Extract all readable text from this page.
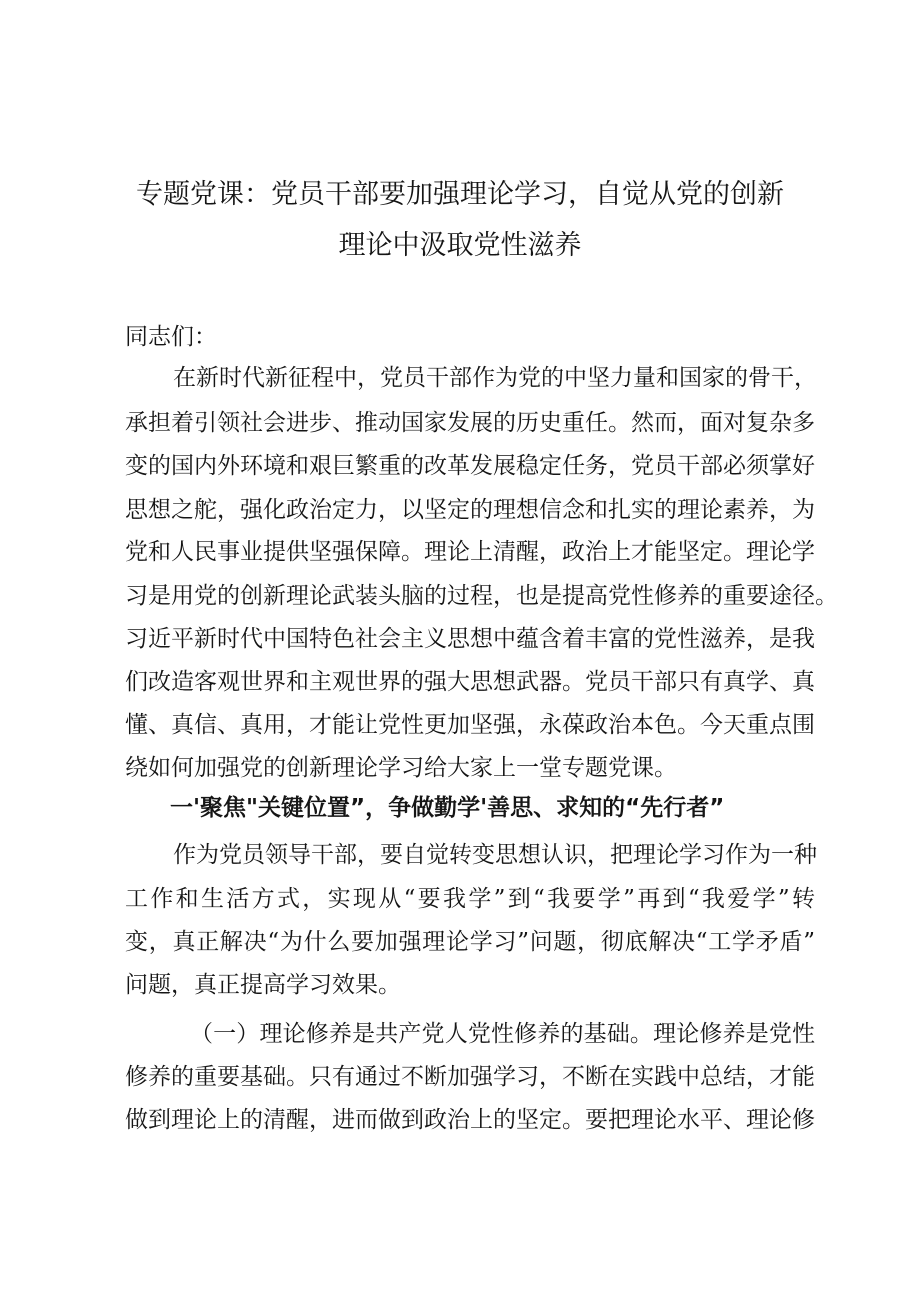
专题党课：党员干部要加强理论学习，自觉从党的创新
理论中汲取党性滋养

同志们：

在新时代新征程中，党员干部作为党的中坚力量和国家的骨干，

承担着引领社会进步、推动国家发展的历史重任。然而，面对复杂多

变的国内外环境和艰巨繁重的改革发展稳定任务，党员干部必须掌好

思想之舵，强化政治定力，以坚定的理想信念和扎实的理论素养，为

党和人民事业提供坚强保障。理论上清醒，政治上才能坚定。理论学

习是用党的创新理论武装头脑的过程，也是提高党性修养的重要途径。

习近平新时代中国特色社会主义思想中蕴含着丰富的党性滋养，是我

们改造客观世界和主观世界的强大思想武器。党员干部只有真学、真

懂、真信、真用，才能让党性更加坚强，永葆政治本色。今天重点围

绕如何加强党的创新理论学习给大家上一堂专题党课。

一'聚焦"关键位置”，争做勤学'善思、求知的“先行者”

作为党员领导干部，要自觉转变思想认识，把理论学习作为一种

工作和生活方式，实现从“要我学”到“我要学”再到“我爱学”转

变，真正解决“为什么要加强理论学习”问题，彻底解决“工学矛盾”

问题，真正提高学习效果。

（一）理论修养是共产党人党性修养的基础。理论修养是党性

修养的重要基础。只有通过不断加强学习，不断在实践中总结，才能

做到理论上的清醒，进而做到政治上的坚定。要把理论水平、理论修
